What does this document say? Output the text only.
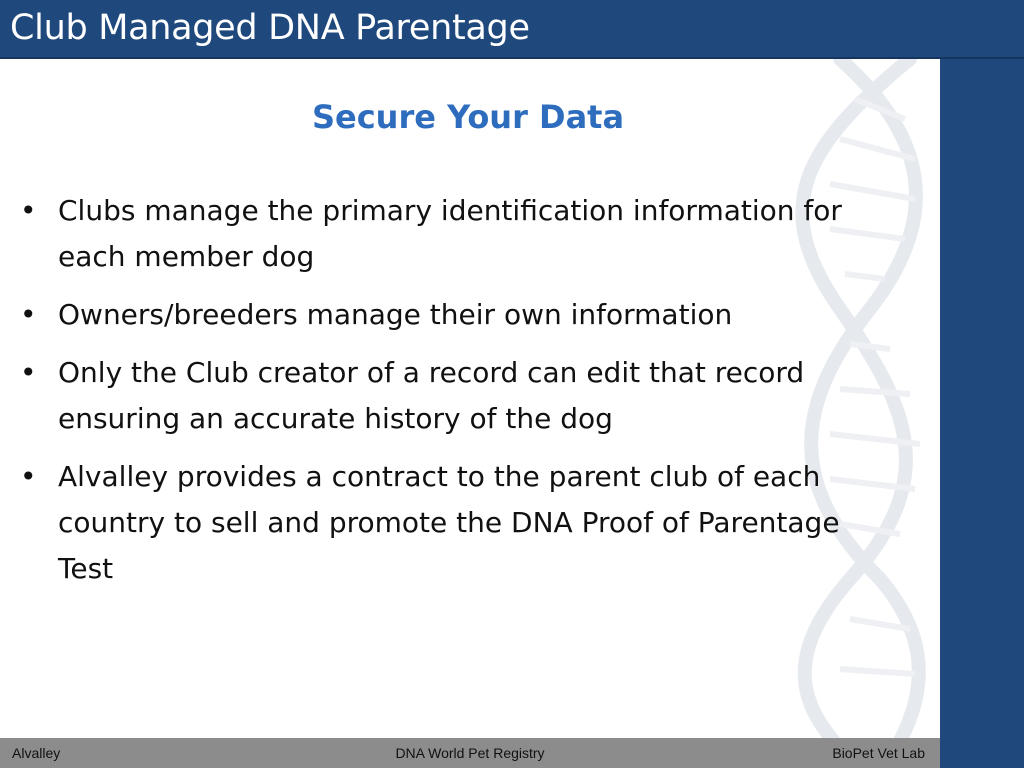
Club Managed DNA Parentage
Secure Your Data
• Clubs manage the primary identification information for each member dog
• Owners/breeders manage their own information
• Only the Club creator of a record can edit that record ensuring an accurate history of the dog
• Alvalley provides a contract to the parent club of each country to sell and promote the DNA Proof of Parentage Test
Alvalley	DNA World Pet Registry	BioPet Vet Lab
